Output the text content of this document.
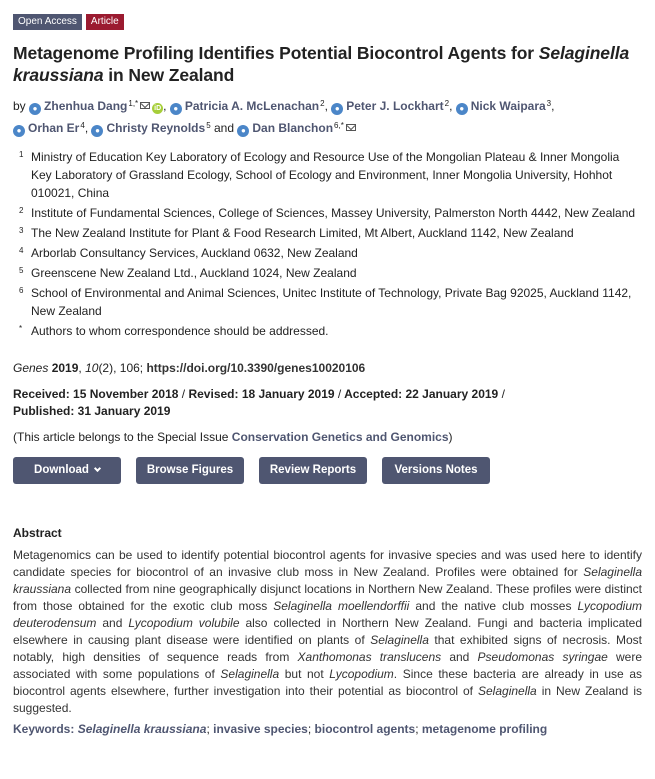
Open Access	Article
Metagenome Profiling Identifies Potential Biocontrol Agents for Selaginella kraussiana in New Zealand
by ● Zhenhua Dang$^{1,*}$iD , ● Patricia A. McLenachan$^2$, ● Peter J. Lockhart$^2$, ● Nick Waipara$^3$,
● Orhan Er$^4$, ● Christy Reynolds$^5$ and ● Dan Blanchon$^{6,*}$
1 Ministry of Education Key Laboratory of Ecology and Resource Use of the Mongolian Plateau & Inner Mongolia Key Laboratory of Grassland Ecology, School of Ecology and Environment, Inner Mongolia University, Hohhot 010021, China
2 Institute of Fundamental Sciences, College of Sciences, Massey University, Palmerston North 4442, New Zealand
3 The New Zealand Institute for Plant & Food Research Limited, Mt Albert, Auckland 1142, New Zealand
4 Arborlab Consultancy Services, Auckland 0632, New Zealand
5 Greenscene New Zealand Ltd., Auckland 1024, New Zealand
6 School of Environmental and Animal Sciences, Unitec Institute of Technology, Private Bag 92025, Auckland 1142, New Zealand
* Authors to whom correspondence should be addressed.
Genes 2019, 10(2), 106; https://doi.org/10.3390/genes10020106
Received: 15 November 2018 / Revised: 18 January 2019 / Accepted: 22 January 2019 /
Published: 31 January 2019
(This article belongs to the Special Issue Conservation Genetics and Genomics)
Download	Browse Figures	Review Reports	Versions Notes
Abstract

Metagenomics can be used to identify potential biocontrol agents for invasive species and was used here to identify candidate species for biocontrol of an invasive club moss in New Zealand. Profiles were obtained for Selaginella kraussiana collected from nine geographically disjunct locations in Northern New Zealand. These profiles were distinct from those obtained for the exotic club moss Selaginella moellendorffii and the native club mosses Lycopodium deuterodensum and Lycopodium volubile also collected in Northern New Zealand. Fungi and bacteria implicated elsewhere in causing plant disease were identified on plants of Selaginella that exhibited signs of necrosis. Most notably, high densities of sequence reads from Xanthomonas translucens and Pseudomonas syringae were associated with some populations of Selaginella but not Lycopodium. Since these bacteria are already in use as biocontrol agents elsewhere, further investigation into their potential as biocontrol of Selaginella in New Zealand is suggested.

Keywords: Selaginella kraussiana; invasive species; biocontrol agents; metagenome profiling
